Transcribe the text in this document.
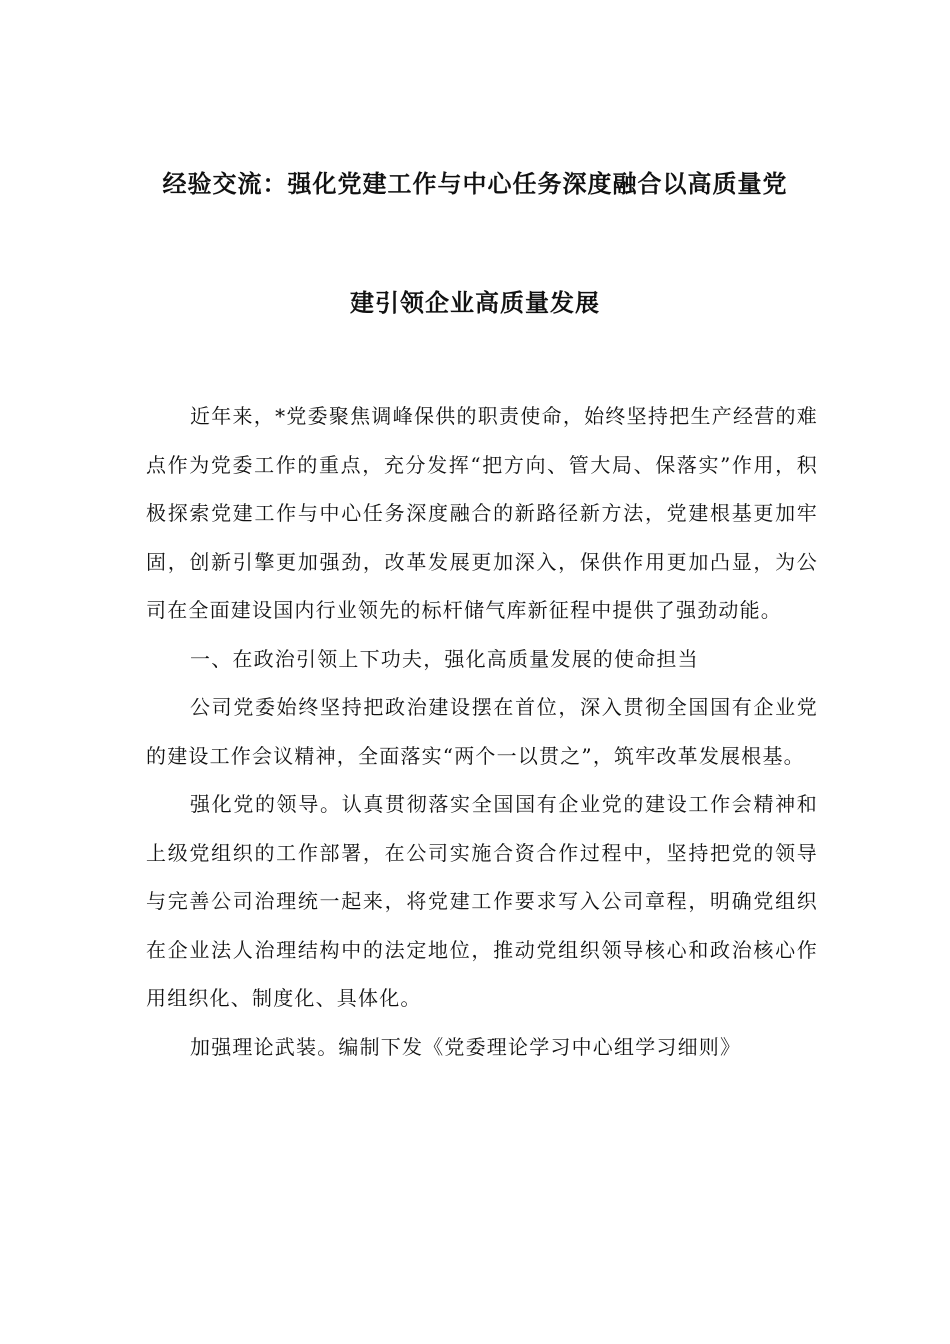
经验交流：强化党建工作与中心任务深度融合以高质量党
建引领企业高质量发展

近年来，*党委聚焦调峰保供的职责使命，始终坚持把生产经营的难点作为党委工作的重点，充分发挥“把方向、管大局、保落实”作用，积极探索党建工作与中心任务深度融合的新路径新方法，党建根基更加牢固，创新引擎更加强劲，改革发展更加深入，保供作用更加凸显，为公司在全面建设国内行业领先的标杆储气库新征程中提供了强劲动能。

一、在政治引领上下功夫，强化高质量发展的使命担当

公司党委始终坚持把政治建设摆在首位，深入贯彻全国国有企业党的建设工作会议精神，全面落实“两个一以贯之”，筑牢改革发展根基。

强化党的领导。认真贯彻落实全国国有企业党的建设工作会精神和上级党组织的工作部署，在公司实施合资合作过程中，坚持把党的领导与完善公司治理统一起来，将党建工作要求写入公司章程，明确党组织在企业法人治理结构中的法定地位，推动党组织领导核心和政治核心作用组织化、制度化、具体化。

加强理论武装。编制下发《党委理论学习中心组学习细则》
